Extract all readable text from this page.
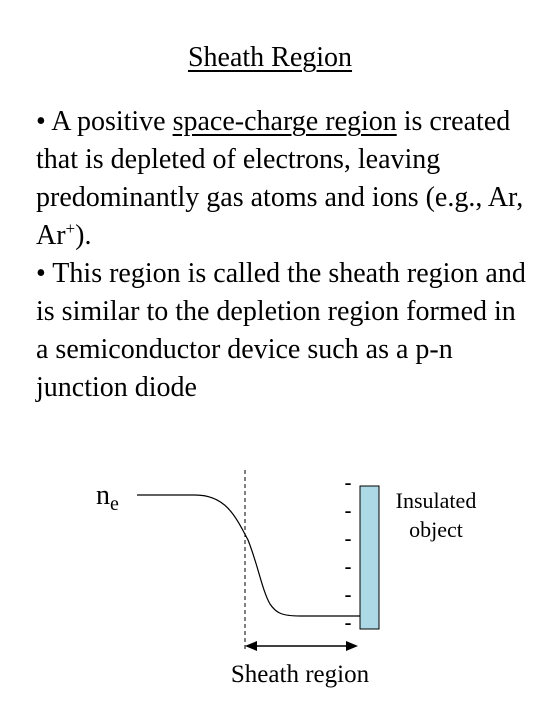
Sheath Region

• A positive space-charge region is created that is depleted of electrons, leaving predominantly gas atoms and ions (e.g., Ar, Ar+).

• This region is called the sheath region and is similar to the depletion region formed in a semiconductor device such as a p-n junction diode

$n_e$	Insulated
object
Sheath region
-
-
-
-
-
-
